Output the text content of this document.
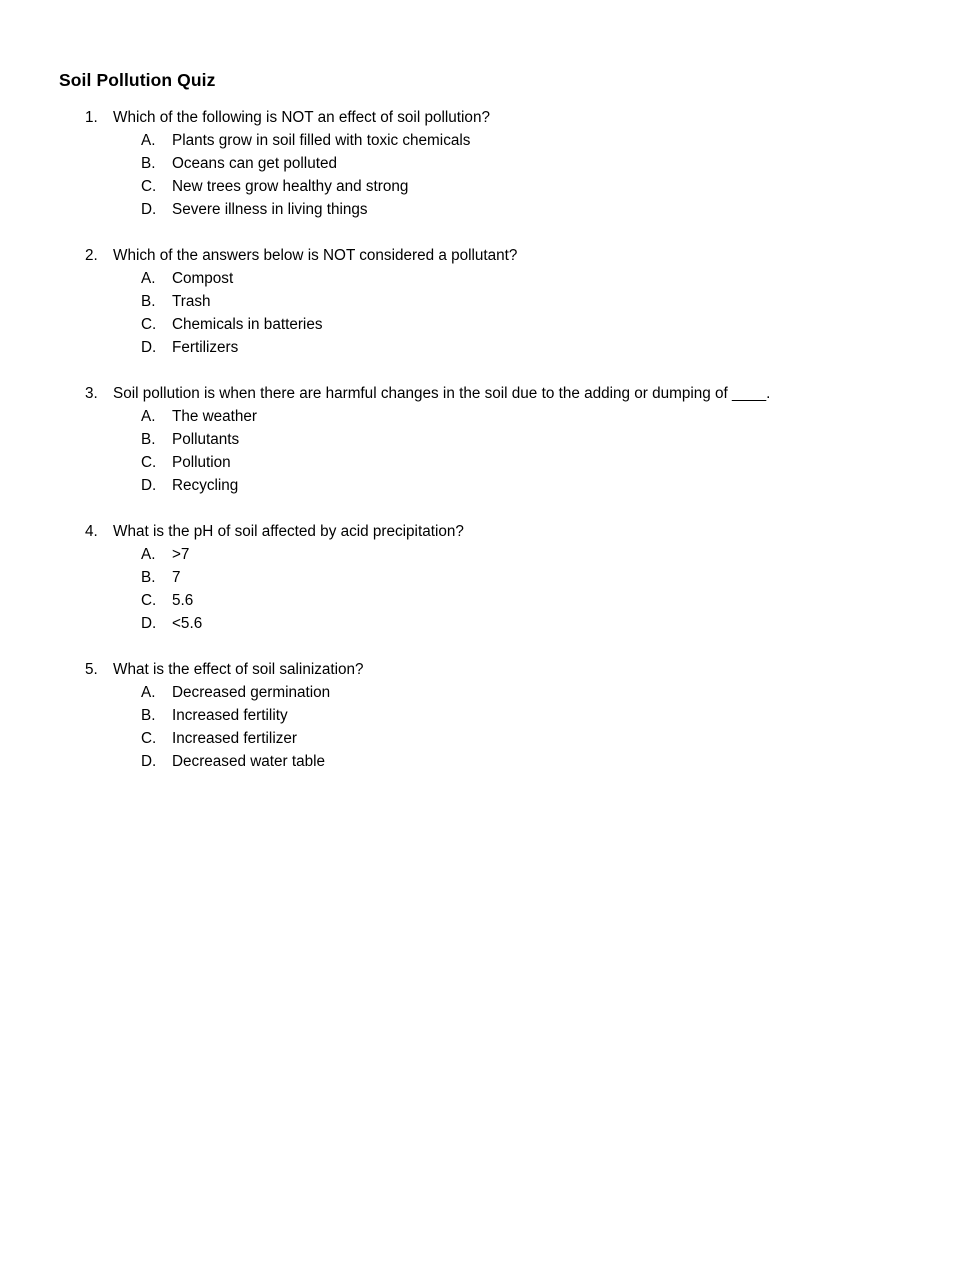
Soil Pollution Quiz
1. Which of the following is NOT an effect of soil pollution?
A.	Plants grow in soil filled with toxic chemicals
B.	Oceans can get polluted
C.	New trees grow healthy and strong
D.	Severe illness in living things
2. Which of the answers below is NOT considered a pollutant?
A.	Compost
B.	Trash
C.	Chemicals in batteries
D.	Fertilizers
3. Soil pollution is when there are harmful changes in the soil due to the adding or dumping of ____.
A.	The weather
B.	Pollutants
C.	Pollution
D.	Recycling
4. What is the pH of soil affected by acid precipitation?
A.	>7
B.	7
C.	5.6
D.	<5.6
5. What is the effect of soil salinization?
A.	Decreased germination
B.	Increased fertility
C.	Increased fertilizer
D.	Decreased water table
